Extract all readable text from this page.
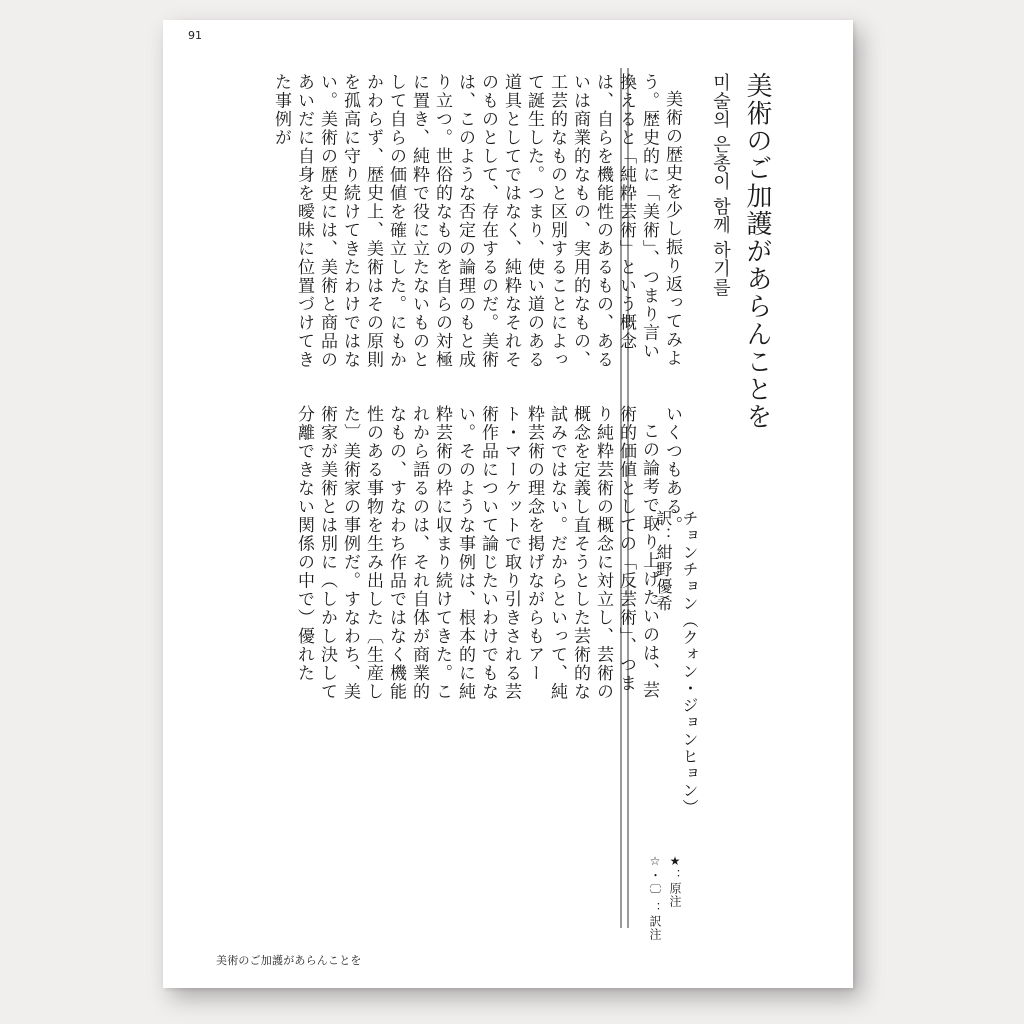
91
美術のご加護があらんことを
미술의 은총이 함께 하기를
チョンチョン（クォン・ジョンヒョン）
訳：紺野優希
★：原注
☆・〔〕：訳注

美術の歴史を少し振り返ってみよう。歴史的に「美術」、つまり言い換えると「純粋芸術」という概念は、自らを機能性のあるもの、あるいは商業的なもの、実用的なもの、工芸的なものと区別することによって誕生した。つまり、使い道のある道具としてではなく、純粋なそれそのものとして、存在するのだ。美術は、このような否定の論理のもと成り立つ。世俗的なものを自らの対極に置き、純粋で役に立たないものとして自らの価値を確立した。にもかかわらず、歴史上、美術はその原則を孤高に守り続けてきたわけではない。美術の歴史には、美術と商品のあいだに自身を曖昧に位置づけてきた事例が

いくつもある。

この論考で取り上げたいのは、芸術的価値としての「反芸術」、つまり純粋芸術の概念に対立し、芸術の概念を定義し直そうとした芸術的な試みではない。だからといって、純粋芸術の理念を掲げながらもアート・マーケットで取り引きされる芸術作品について論じたいわけでもない。そのような事例は、根本的に純粋芸術の枠に収まり続けてきた。これから語るのは、それ自体が商業的なもの、すなわち作品ではなく機能性のある事物を生み出した〔生産した〕美術家の事例だ。すなわち、美術家が美術とは別に（しかし決して分離できない関係の中で）優れた

美術のご加護があらんことを
